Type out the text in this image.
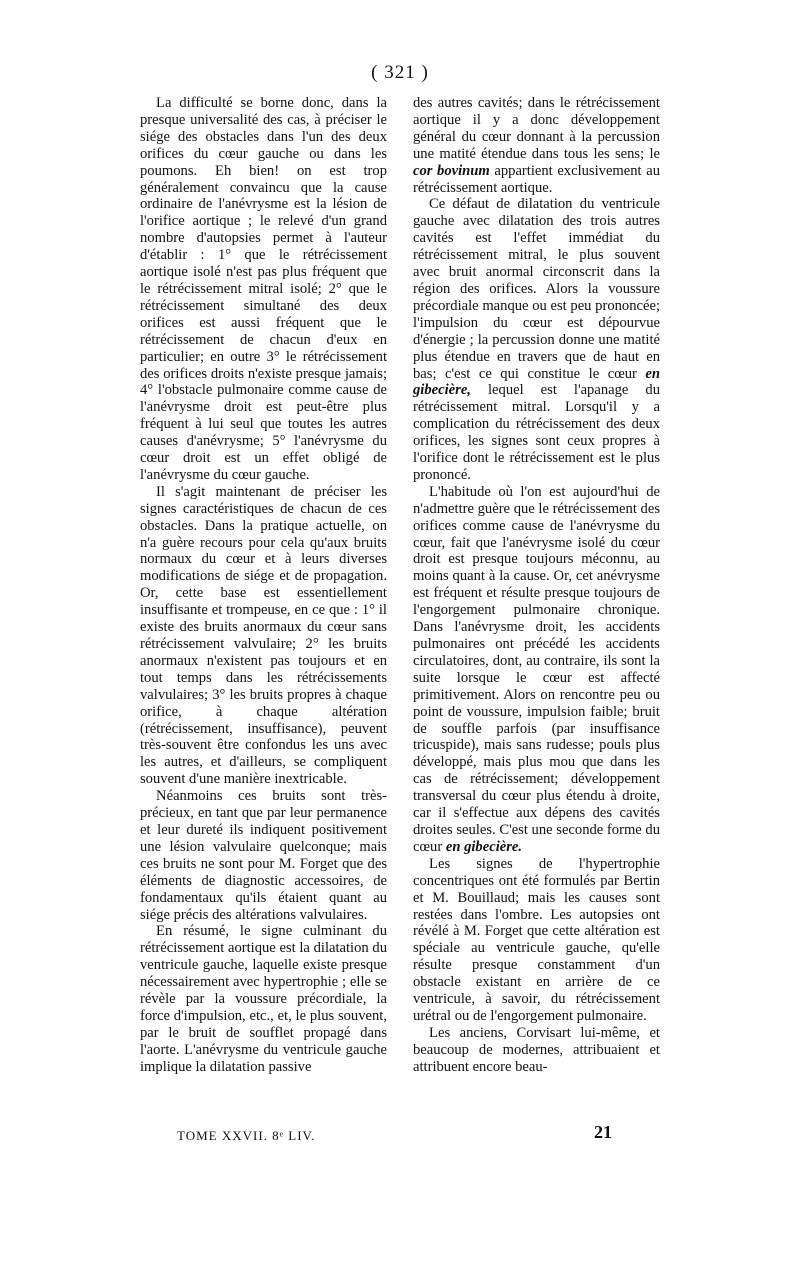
( 321 )

La difficulté se borne donc, dans la presque universalité des cas, à préciser le siége des obstacles dans l'un des deux orifices du cœur gauche ou dans les poumons. Eh bien! on est trop généralement convaincu que la cause ordinaire de l'anévrysme est la lésion de l'orifice aortique ; le relevé d'un grand nombre d'autopsies permet à l'auteur d'établir : 1° que le rétrécissement aortique isolé n'est pas plus fréquent que le rétrécissement mitral isolé; 2° que le rétrécissement simultané des deux orifices est aussi fréquent que le rétrécissement de chacun d'eux en particulier; en outre 3° le rétrécissement des orifices droits n'existe presque jamais; 4° l'obstacle pulmonaire comme cause de l'anévrysme droit est peut-être plus fréquent à lui seul que toutes les autres causes d'anévrysme; 5° l'anévrysme du cœur droit est un effet obligé de l'anévrysme du cœur gauche.

Il s'agit maintenant de préciser les signes caractéristiques de chacun de ces obstacles. Dans la pratique actuelle, on n'a guère recours pour cela qu'aux bruits normaux du cœur et à leurs diverses modifications de siége et de propagation. Or, cette base est essentiellement insuffisante et trompeuse, en ce que : 1° il existe des bruits anormaux du cœur sans rétrécissement valvulaire; 2° les bruits anormaux n'existent pas toujours et en tout temps dans les rétrécissements valvulaires; 3° les bruits propres à chaque orifice, à chaque altération (rétrécissement, insuffisance), peuvent très-souvent être confondus les uns avec les autres, et d'ailleurs, se compliquent souvent d'une manière inextricable.

Néanmoins ces bruits sont très-précieux, en tant que par leur permanence et leur dureté ils indiquent positivement une lésion valvulaire quelconque; mais ces bruits ne sont pour M. Forget que des éléments de diagnostic accessoires, de fondamentaux qu'ils étaient quant au siége précis des altérations valvulaires.

En résumé, le signe culminant du rétrécissement aortique est la dilatation du ventricule gauche, laquelle existe presque nécessairement avec hypertrophie ; elle se révèle par la voussure précordiale, la force d'impulsion, etc., et, le plus souvent, par le bruit de soufflet propagé dans l'aorte. L'anévrysme du ventricule gauche implique la dilatation passive

des autres cavités; dans le rétrécissement aortique il y a donc développement général du cœur donnant à la percussion une matité étendue dans tous les sens; le cor bovinum appartient exclusivement au rétrécissement aortique.

Ce défaut de dilatation du ventricule gauche avec dilatation des trois autres cavités est l'effet immédiat du rétrécissement mitral, le plus souvent avec bruit anormal circonscrit dans la région des orifices. Alors la voussure précordiale manque ou est peu prononcée; l'impulsion du cœur est dépourvue d'énergie ; la percussion donne une matité plus étendue en travers que de haut en bas; c'est ce qui constitue le cœur en gibecière, lequel est l'apanage du rétrécissement mitral. Lorsqu'il y a complication du rétrécissement des deux orifices, les signes sont ceux propres à l'orifice dont le rétrécissement est le plus prononcé.

L'habitude où l'on est aujourd'hui de n'admettre guère que le rétrécissement des orifices comme cause de l'anévrysme du cœur, fait que l'anévrysme isolé du cœur droit est presque toujours méconnu, au moins quant à la cause. Or, cet anévrysme est fréquent et résulte presque toujours de l'engorgement pulmonaire chronique. Dans l'anévrysme droit, les accidents pulmonaires ont précédé les accidents circulatoires, dont, au contraire, ils sont la suite lorsque le cœur est affecté primitivement. Alors on rencontre peu ou point de voussure, impulsion faible; bruit de souffle parfois (par insuffisance tricuspide), mais sans rudesse; pouls plus développé, mais plus mou que dans les cas de rétrécissement; développement transversal du cœur plus étendu à droite, car il s'effectue aux dépens des cavités droites seules. C'est une seconde forme du cœur en gibecière.

Les signes de l'hypertrophie concentriques ont été formulés par Bertin et M. Bouillaud; mais les causes sont restées dans l'ombre. Les autopsies ont révélé à M. Forget que cette altération est spéciale au ventricule gauche, qu'elle résulte presque constamment d'un obstacle existant en arrière de ce ventricule, à savoir, du rétrécissement urétral ou de l'engorgement pulmonaire.

Les anciens, Corvisart lui-même, et beaucoup de modernes, attribuaient et attribuent encore beau-

TOME XXVII. 8ᵉ LIV.	21
